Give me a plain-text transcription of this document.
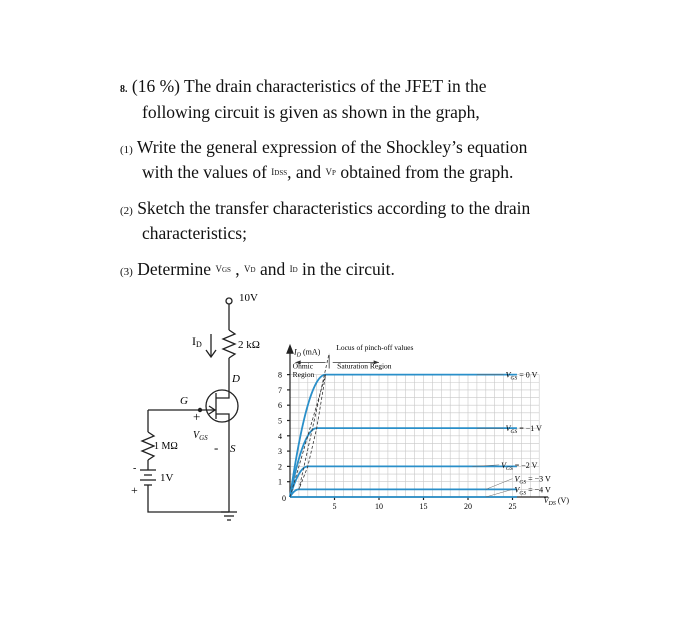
8. (16 %) The drain characteristics of the JFET in the
following circuit is given as shown in the graph,
(1) Write the general expression of the Shockley’s equation
with the values of IDSS, and VP obtained from the graph.
(2) Sketch the transfer characteristics according to the drain
characteristics;
(3) Determine VGS , VD and ID in the circuit.
10V
2 kΩ
ID
D
G
S
+
-
$V_{GS}$
1 MΩ
1V
-
+
5	10	15	20	25
1
2
3
4
5
6
7
8
0
$I_D$ (mA)
$V_{DS}$ (V)
$V_{GS} = 0$ V
$V_{GS} = -1$ V
$V_{GS} = -2$ V
$V_{GS} = -3$ V
$V_{GS} = -4$ V
Locus of pinch-off values
Ohmic
Region
Saturation Region
